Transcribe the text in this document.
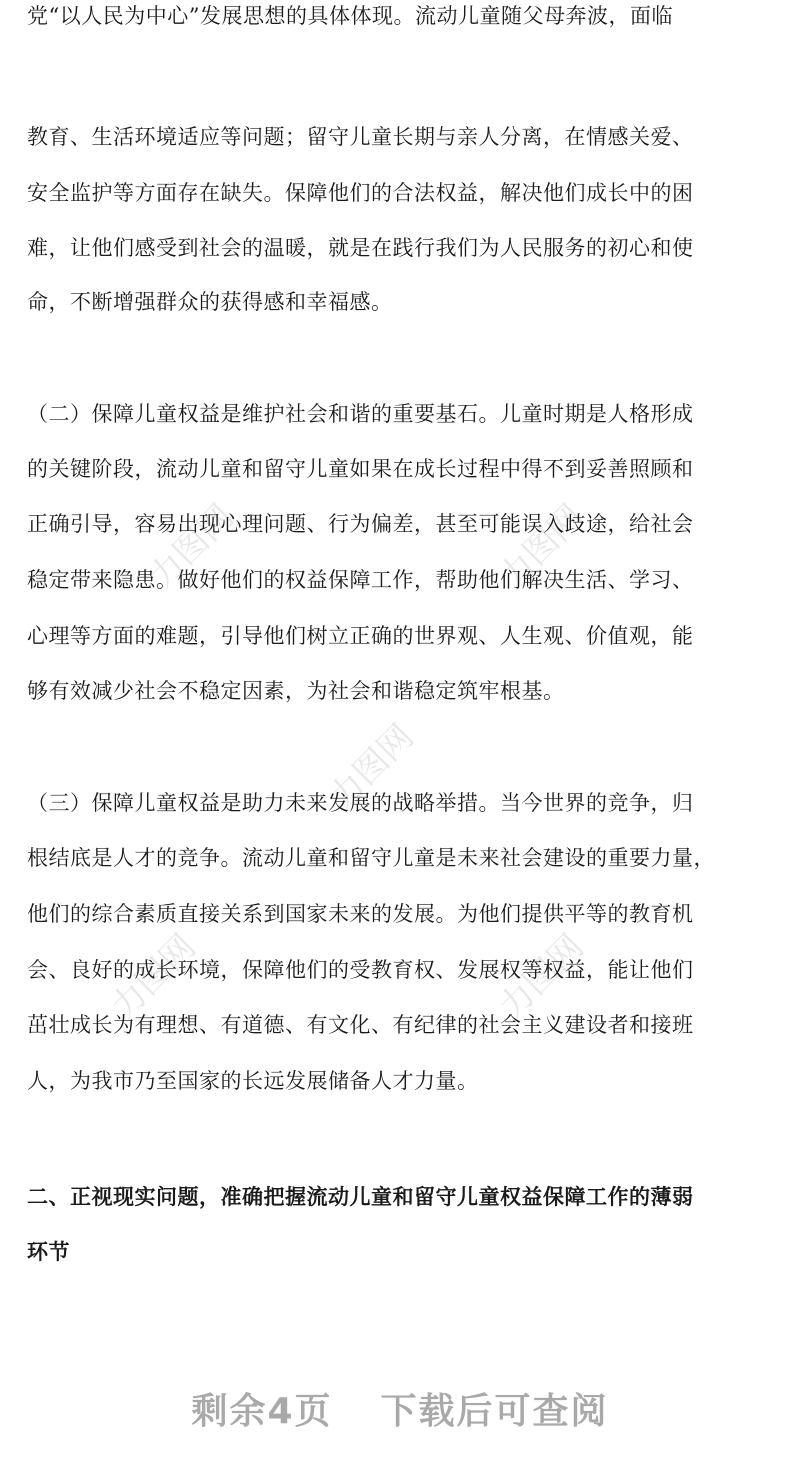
力图网	力图网
力图网
力图网	力图网
党“以人民为中心”发展思想的具体体现。流动儿童随父母奔波，面临
教育、生活环境适应等问题；留守儿童长期与亲人分离，在情感关爱、
安全监护等方面存在缺失。保障他们的合法权益，解决他们成长中的困
难，让他们感受到社会的温暖，就是在践行我们为人民服务的初心和使
命，不断增强群众的获得感和幸福感。
（二）保障儿童权益是维护社会和谐的重要基石。儿童时期是人格形成
的关键阶段，流动儿童和留守儿童如果在成长过程中得不到妥善照顾和
正确引导，容易出现心理问题、行为偏差，甚至可能误入歧途，给社会
稳定带来隐患。做好他们的权益保障工作，帮助他们解决生活、学习、
心理等方面的难题，引导他们树立正确的世界观、人生观、价值观，能
够有效减少社会不稳定因素，为社会和谐稳定筑牢根基。
（三）保障儿童权益是助力未来发展的战略举措。当今世界的竞争，归
根结底是人才的竞争。流动儿童和留守儿童是未来社会建设的重要力量，
他们的综合素质直接关系到国家未来的发展。为他们提供平等的教育机
会、良好的成长环境，保障他们的受教育权、发展权等权益，能让他们
茁壮成长为有理想、有道德、有文化、有纪律的社会主义建设者和接班
人，为我市乃至国家的长远发展储备人才力量。
二、正视现实问题，准确把握流动儿童和留守儿童权益保障工作的薄弱
环节
剩余4页 下载后可查阅
